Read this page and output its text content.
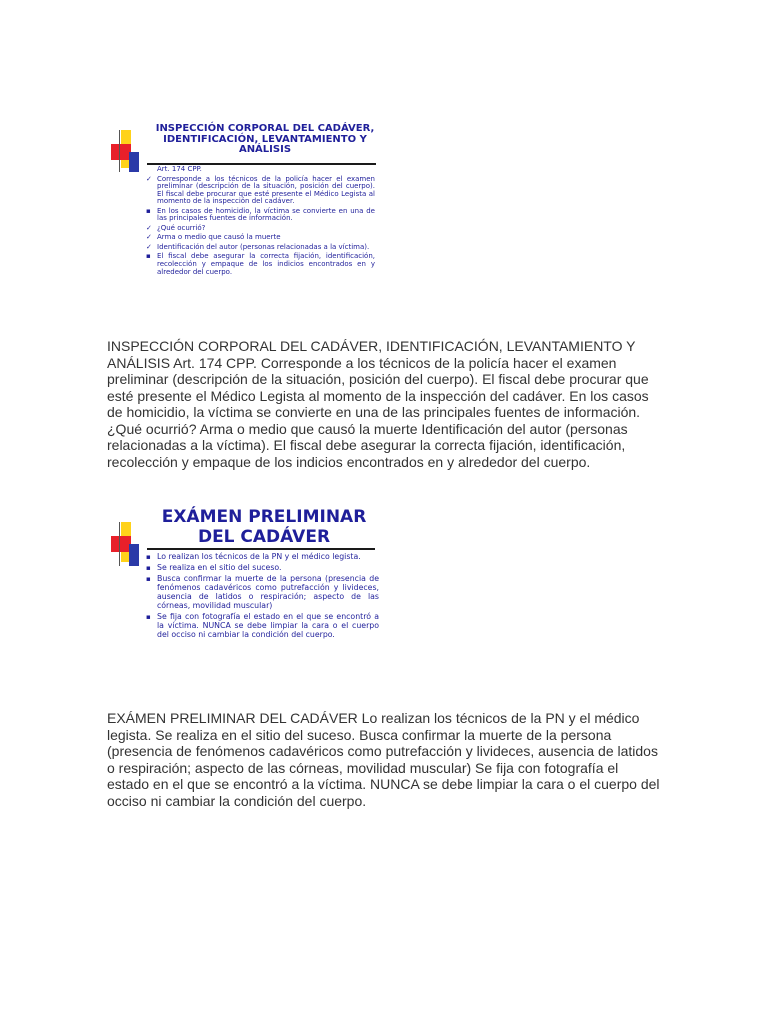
INSPECCIÓN CORPORAL DEL CADÁVER, IDENTIFICACIÓN, LEVANTAMIENTO Y ANÁLISIS
Art. 174 CPP.
✓ Corresponde a los técnicos de la policía hacer el examen preliminar (descripción de la situación, posición del cuerpo). El fiscal debe procurar que esté presente el Médico Legista al momento de la inspección del cadáver.
▪ En los casos de homicidio, la víctima se convierte en una de las principales fuentes de información.
✓ ¿Qué ocurrió?
✓ Arma o medio que causó la muerte
✓ Identificación del autor (personas relacionadas a la víctima).
▪ El fiscal debe asegurar la correcta fijación, identificación, recolección y empaque de los indicios encontrados en y alrededor del cuerpo.

INSPECCIÓN CORPORAL DEL CADÁVER, IDENTIFICACIÓN, LEVANTAMIENTO Y ANÁLISIS Art. 174 CPP. Corresponde a los técnicos de la policía hacer el examen preliminar (descripción de la situación, posición del cuerpo). El fiscal debe procurar que esté presente el Médico Legista al momento de la inspección del cadáver. En los casos de homicidio, la víctima se convierte en una de las principales fuentes de información. ¿Qué ocurrió? Arma o medio que causó la muerte Identificación del autor (personas relacionadas a la víctima). El fiscal debe asegurar la correcta fijación, identificación, recolección y empaque de los indicios encontrados en y alrededor del cuerpo.

EXÁMEN PRELIMINAR DEL CADÁVER
▪ Lo realizan los técnicos de la PN y el médico legista.
▪ Se realiza en el sitio del suceso.
▪ Busca confirmar la muerte de la persona (presencia de fenómenos cadavéricos como putrefacción y livideces, ausencia de latidos o respiración; aspecto de las córneas, movilidad muscular)
▪ Se fija con fotografía el estado en el que se encontró a la víctima. NUNCA se debe limpiar la cara o el cuerpo del occiso ni cambiar la condición del cuerpo.

EXÁMEN PRELIMINAR DEL CADÁVER Lo realizan los técnicos de la PN y el médico legista. Se realiza en el sitio del suceso. Busca confirmar la muerte de la persona (presencia de fenómenos cadavéricos como putrefacción y livideces, ausencia de latidos o respiración; aspecto de las córneas, movilidad muscular) Se fija con fotografía el estado en el que se encontró a la víctima. NUNCA se debe limpiar la cara o el cuerpo del occiso ni cambiar la condición del cuerpo.
